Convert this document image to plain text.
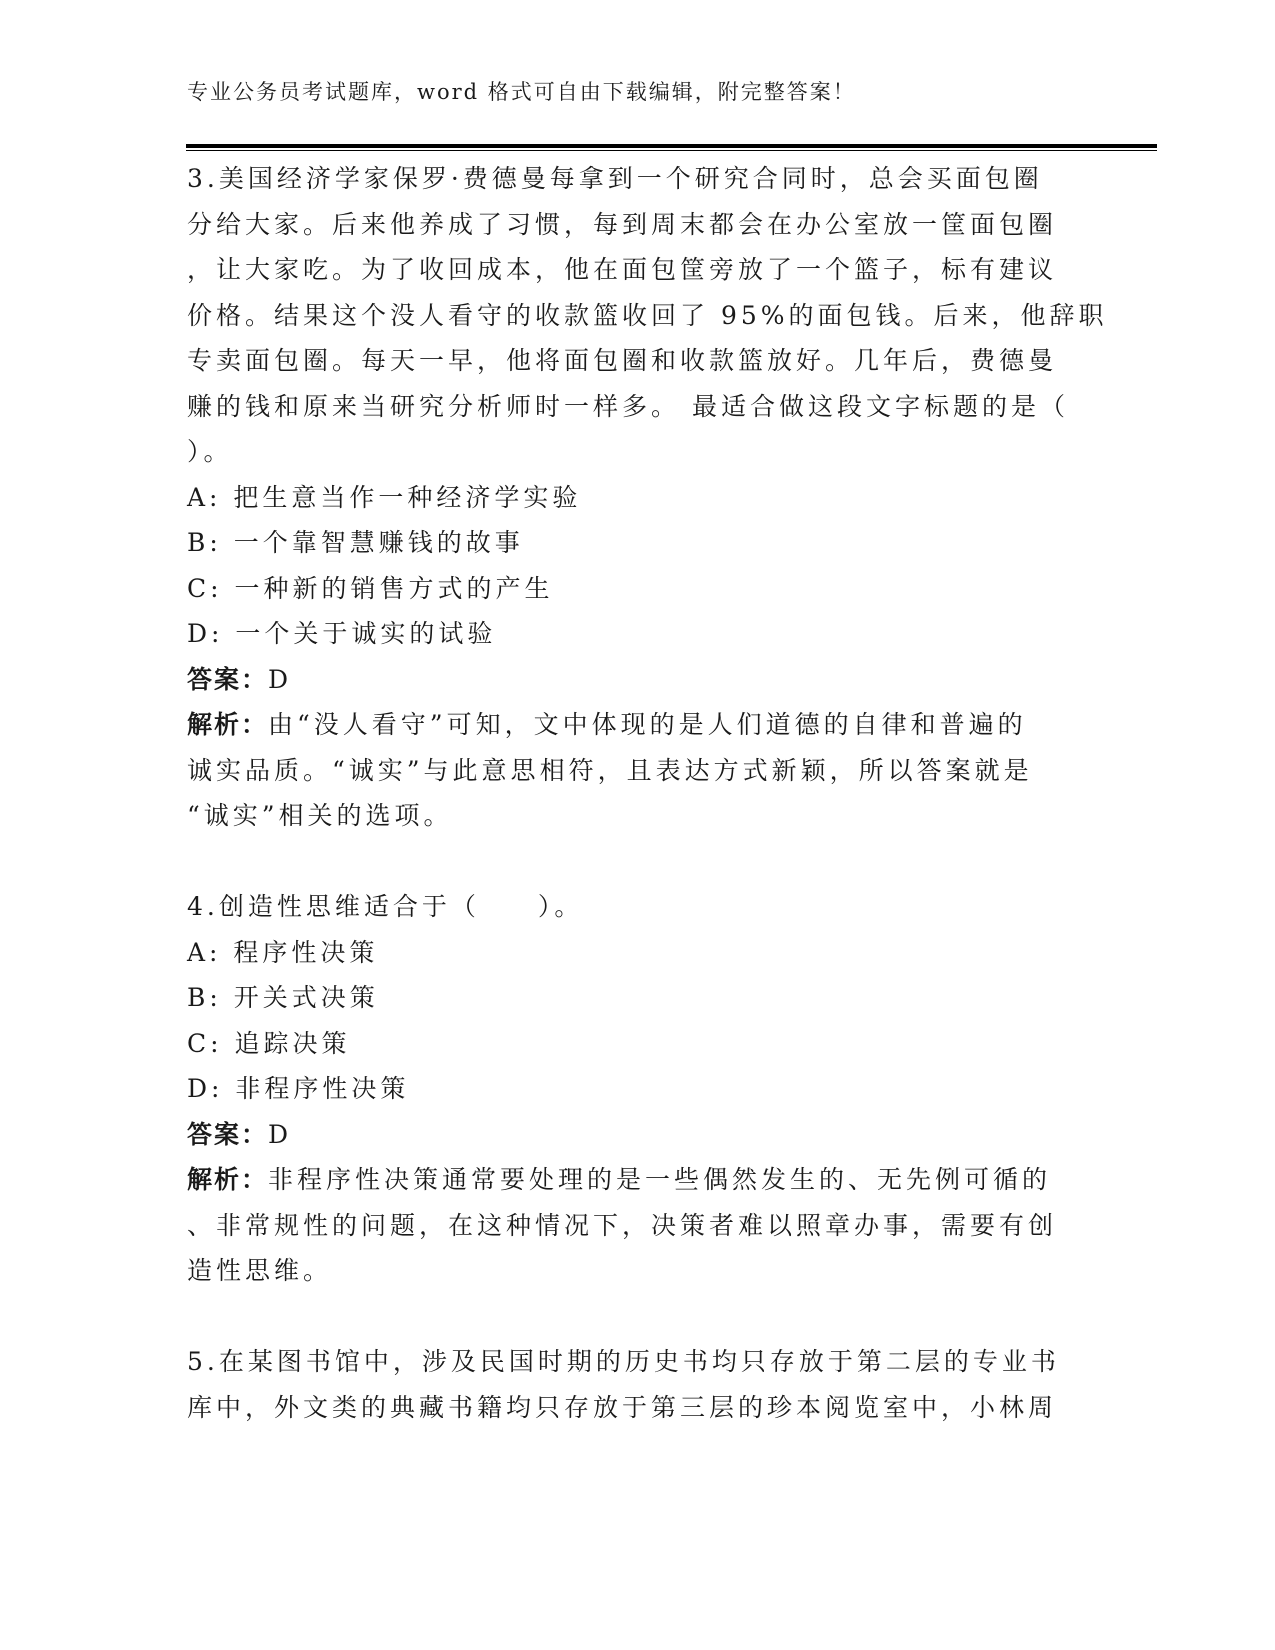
专业公务员考试题库，word 格式可自由下载编辑，附完整答案！
3.美国经济学家保罗·费德曼每拿到一个研究合同时，总会买面包圈
分给大家。后来他养成了习惯，每到周末都会在办公室放一筐面包圈
，让大家吃。为了收回成本，他在面包筐旁放了一个篮子，标有建议
价格。结果这个没人看守的收款篮收回了 95%的面包钱。后来，他辞职
专卖面包圈。每天一早，他将面包圈和收款篮放好。几年后，费德曼
赚的钱和原来当研究分析师时一样多。 最适合做这段文字标题的是（
）。
A: 把生意当作一种经济学实验
B: 一个靠智慧赚钱的故事
C: 一种新的销售方式的产生
D: 一个关于诚实的试验
答案：D
解析：由“没人看守”可知，文中体现的是人们道德的自律和普遍的
诚实品质。“诚实”与此意思相符，且表达方式新颖，所以答案就是
“诚实”相关的选项。
4.创造性思维适合于（　　）。
A: 程序性决策
B: 开关式决策
C: 追踪决策
D: 非程序性决策
答案：D
解析：非程序性决策通常要处理的是一些偶然发生的、无先例可循的
、非常规性的问题，在这种情况下，决策者难以照章办事，需要有创
造性思维。
5.在某图书馆中，涉及民国时期的历史书均只存放于第二层的专业书
库中，外文类的典藏书籍均只存放于第三层的珍本阅览室中，小林周
